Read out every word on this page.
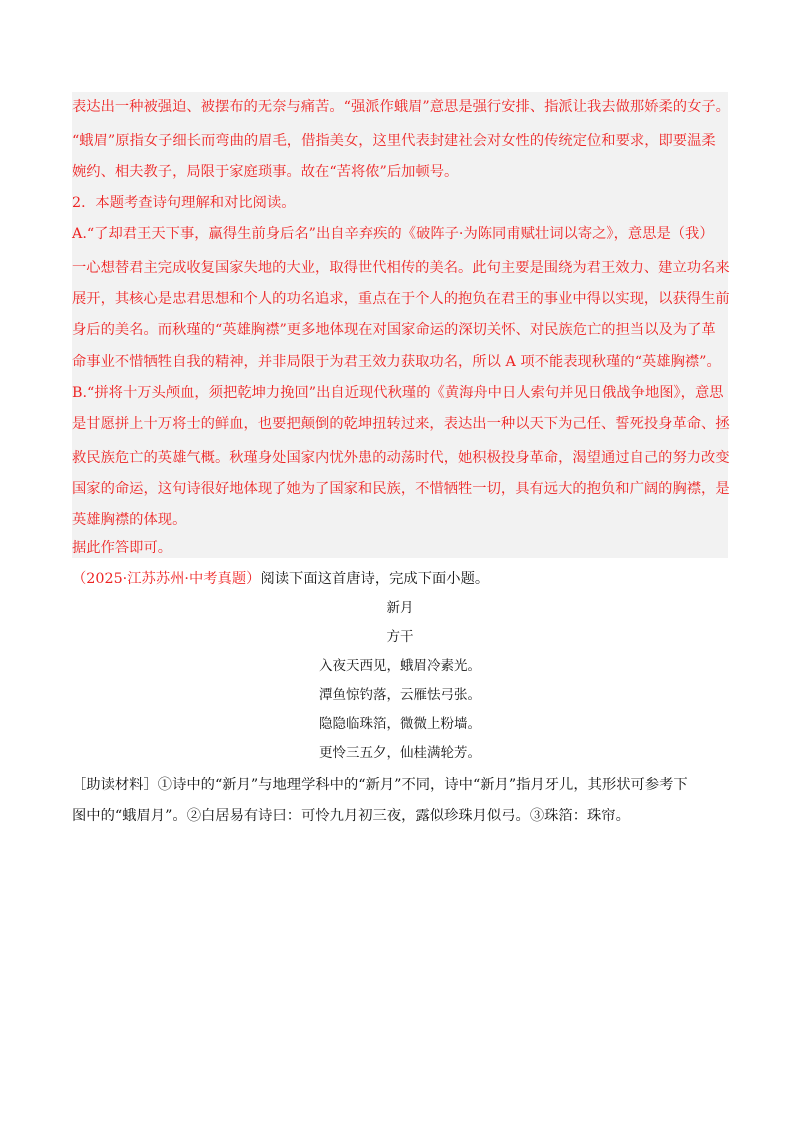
表达出一种被强迫、被摆布的无奈与痛苦。“强派作蛾眉”意思是强行安排、指派让我去做那娇柔的女子。
“蛾眉”原指女子细长而弯曲的眉毛，借指美女，这里代表封建社会对女性的传统定位和要求，即要温柔
婉约、相夫教子，局限于家庭琐事。故在“苦将侬”后加顿号。
2．本题考查诗句理解和对比阅读。
A.“了却君王天下事，赢得生前身后名”出自辛弃疾的《破阵子·为陈同甫赋壮词以寄之》，意思是（我）
一心想替君主完成收复国家失地的大业，取得世代相传的美名。此句主要是围绕为君王效力、建立功名来
展开，其核心是忠君思想和个人的功名追求，重点在于个人的抱负在君王的事业中得以实现，以获得生前
身后的美名。而秋瑾的“英雄胸襟”更多地体现在对国家命运的深切关怀、对民族危亡的担当以及为了革
命事业不惜牺牲自我的精神，并非局限于为君王效力获取功名，所以 A 项不能表现秋瑾的“英雄胸襟”。
B.“拼将十万头颅血，须把乾坤力挽回”出自近现代秋瑾的《黄海舟中日人索句并见日俄战争地图》，意思
是甘愿拼上十万将士的鲜血，也要把颠倒的乾坤扭转过来，表达出一种以天下为己任、誓死投身革命、拯
救民族危亡的英雄气概。秋瑾身处国家内忧外患的动荡时代，她积极投身革命，渴望通过自己的努力改变
国家的命运，这句诗很好地体现了她为了国家和民族，不惜牺牲一切，具有远大的抱负和广阔的胸襟，是
英雄胸襟的体现。
据此作答即可。
（2025·江苏苏州·中考真题）阅读下面这首唐诗，完成下面小题。
新月
方干
入夜天西见，蛾眉冷素光。
潭鱼惊钓落，云雁怯弓张。
隐隐临珠箔，微微上粉墙。
更怜三五夕，仙桂满轮芳。
［助读材料］①诗中的“新月”与地理学科中的“新月”不同，诗中“新月”指月牙儿，其形状可参考下
图中的“蛾眉月”。②白居易有诗曰：可怜九月初三夜，露似珍珠月似弓。③珠箔：珠帘。
